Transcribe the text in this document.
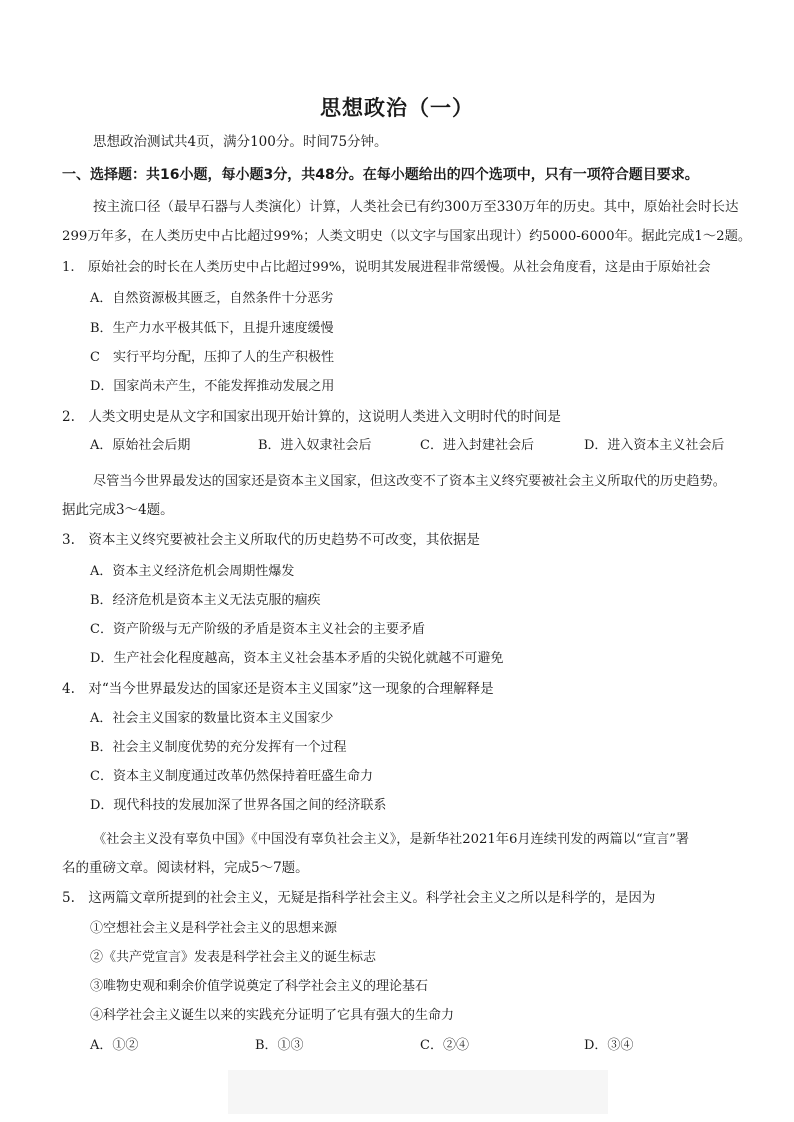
思想政治（一）
思想政治测试共4页，满分100分。时间75分钟。
一、选择题：共16小题，每小题3分，共48分。在每小题给出的四个选项中，只有一项符合题目要求。
按主流口径（最早石器与人类演化）计算，人类社会已有约300万至330万年的历史。其中，原始社会时长达
299万年多，在人类历史中占比超过99%；人类文明史（以文字与国家出现计）约5000-6000年。据此完成1～2题。
1.　原始社会的时长在人类历史中占比超过99%，说明其发展进程非常缓慢。从社会角度看，这是由于原始社会
A．自然资源极其匮乏，自然条件十分恶劣
B．生产力水平极其低下，且提升速度缓慢
C　实行平均分配，压抑了人的生产积极性
D．国家尚未产生，不能发挥推动发展之用
2.　人类文明史是从文字和国家出现开始计算的，这说明人类进入文明时代的时间是
A．原始社会后期	B．进入奴隶社会后	C．进入封建社会后	D．进入资本主义社会后
尽管当今世界最发达的国家还是资本主义国家，但这改变不了资本主义终究要被社会主义所取代的历史趋势。
据此完成3～4题。
3.　资本主义终究要被社会主义所取代的历史趋势不可改变，其依据是
A．资本主义经济危机会周期性爆发
B．经济危机是资本主义无法克服的痼疾
C．资产阶级与无产阶级的矛盾是资本主义社会的主要矛盾
D．生产社会化程度越高，资本主义社会基本矛盾的尖锐化就越不可避免
4.　对“当今世界最发达的国家还是资本主义国家”这一现象的合理解释是
A．社会主义国家的数量比资本主义国家少
B．社会主义制度优势的充分发挥有一个过程
C．资本主义制度通过改革仍然保持着旺盛生命力
D．现代科技的发展加深了世界各国之间的经济联系
《社会主义没有辜负中国》《中国没有辜负社会主义》，是新华社2021年6月连续刊发的两篇以“宣言”署
名的重磅文章。阅读材料，完成5～7题。
5.　这两篇文章所提到的社会主义，无疑是指科学社会主义。科学社会主义之所以是科学的，是因为
①空想社会主义是科学社会主义的思想来源
②《共产党宣言》发表是科学社会主义的诞生标志
③唯物史观和剩余价值学说奠定了科学社会主义的理论基石
④科学社会主义诞生以来的实践充分证明了它具有强大的生命力
A．①②	B．①③	C．②④	D．③④
